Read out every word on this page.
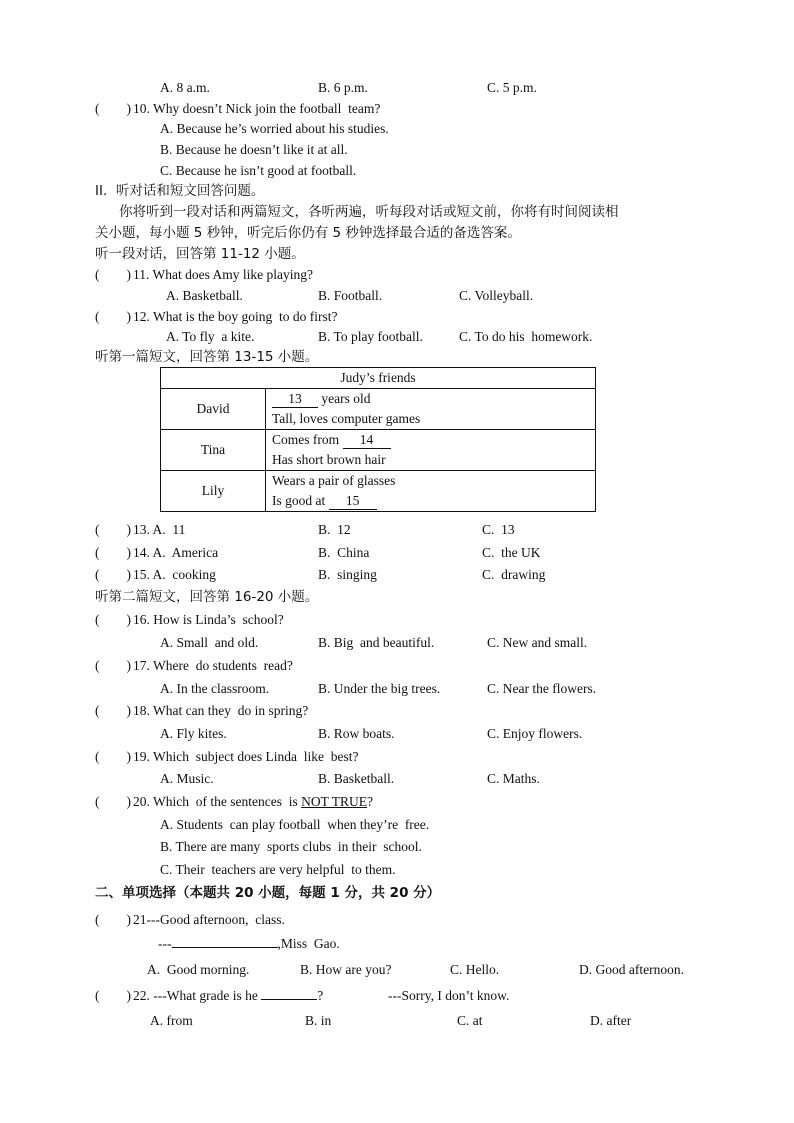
A. 8 a.m.	B. 6 p.m.	C. 5 p.m.
(        ) 10. Why doesn’t Nick join the football  team?
A. Because he’s worried about his studies.
B. Because he doesn’t like it at all.
C. Because he isn’t good at football.
II.  听对话和短文回答问题。
你将听到一段对话和两篇短文，各听两遍，听每段对话或短文前，你将有时间阅读相
关小题，每小题 5 秒钟，听完后你仍有 5 秒钟选择最合适的备选答案。
听一段对话，回答第 11-12 小题。
(        ) 11. What does Amy like playing?
A. Basketball.	B. Football.	C. Volleyball.
(        ) 12. What is the boy going  to do first?
A. To fly  a kite.	B. To play football.	C. To do his  homework.
听第一篇短文，回答第 13-15 小题。
Judy’s friends	
David	13 years old
Tall, loves computer games

Tina	Comes from 14
Has short brown hair

Lily	Wears a pair of glasses
Is good at 15
(        ) 13. A.  11	B.  12	C.  13
(        ) 14. A.  America	B.  China	C.  the UK
(        ) 15. A.  cooking	B.  singing	C.  drawing
听第二篇短文，回答第 16-20 小题。
(        ) 16. How is Linda’s  school?
A. Small  and old.	B. Big  and beautiful.	C. New and small.
(        ) 17. Where  do students  read?
A. In the classroom.	B. Under the big trees.	C. Near the flowers.
(        ) 18. What can they  do in spring?
A. Fly kites.	B. Row boats.	C. Enjoy flowers.
(        ) 19. Which  subject does Linda  like  best?
A. Music.	B. Basketball.	C. Maths.
(        ) 20. Which  of the sentences  is NOT TRUE?
A. Students  can play football  when they’re  free.
B. There are many  sports clubs  in their  school.
C. Their  teachers are very helpful  to them.
二、单项选择（本题共 20 小题，每题 1 分，共 20 分）
(        ) 21---Good afternoon,  class.
---	,Miss  Gao.
A.  Good morning.	B. How are you?	C. Hello.	D. Good afternoon.
(        ) 22. ---What grade is he	?	---Sorry, I don’t know.
A. from	B. in	C. at	D. after
